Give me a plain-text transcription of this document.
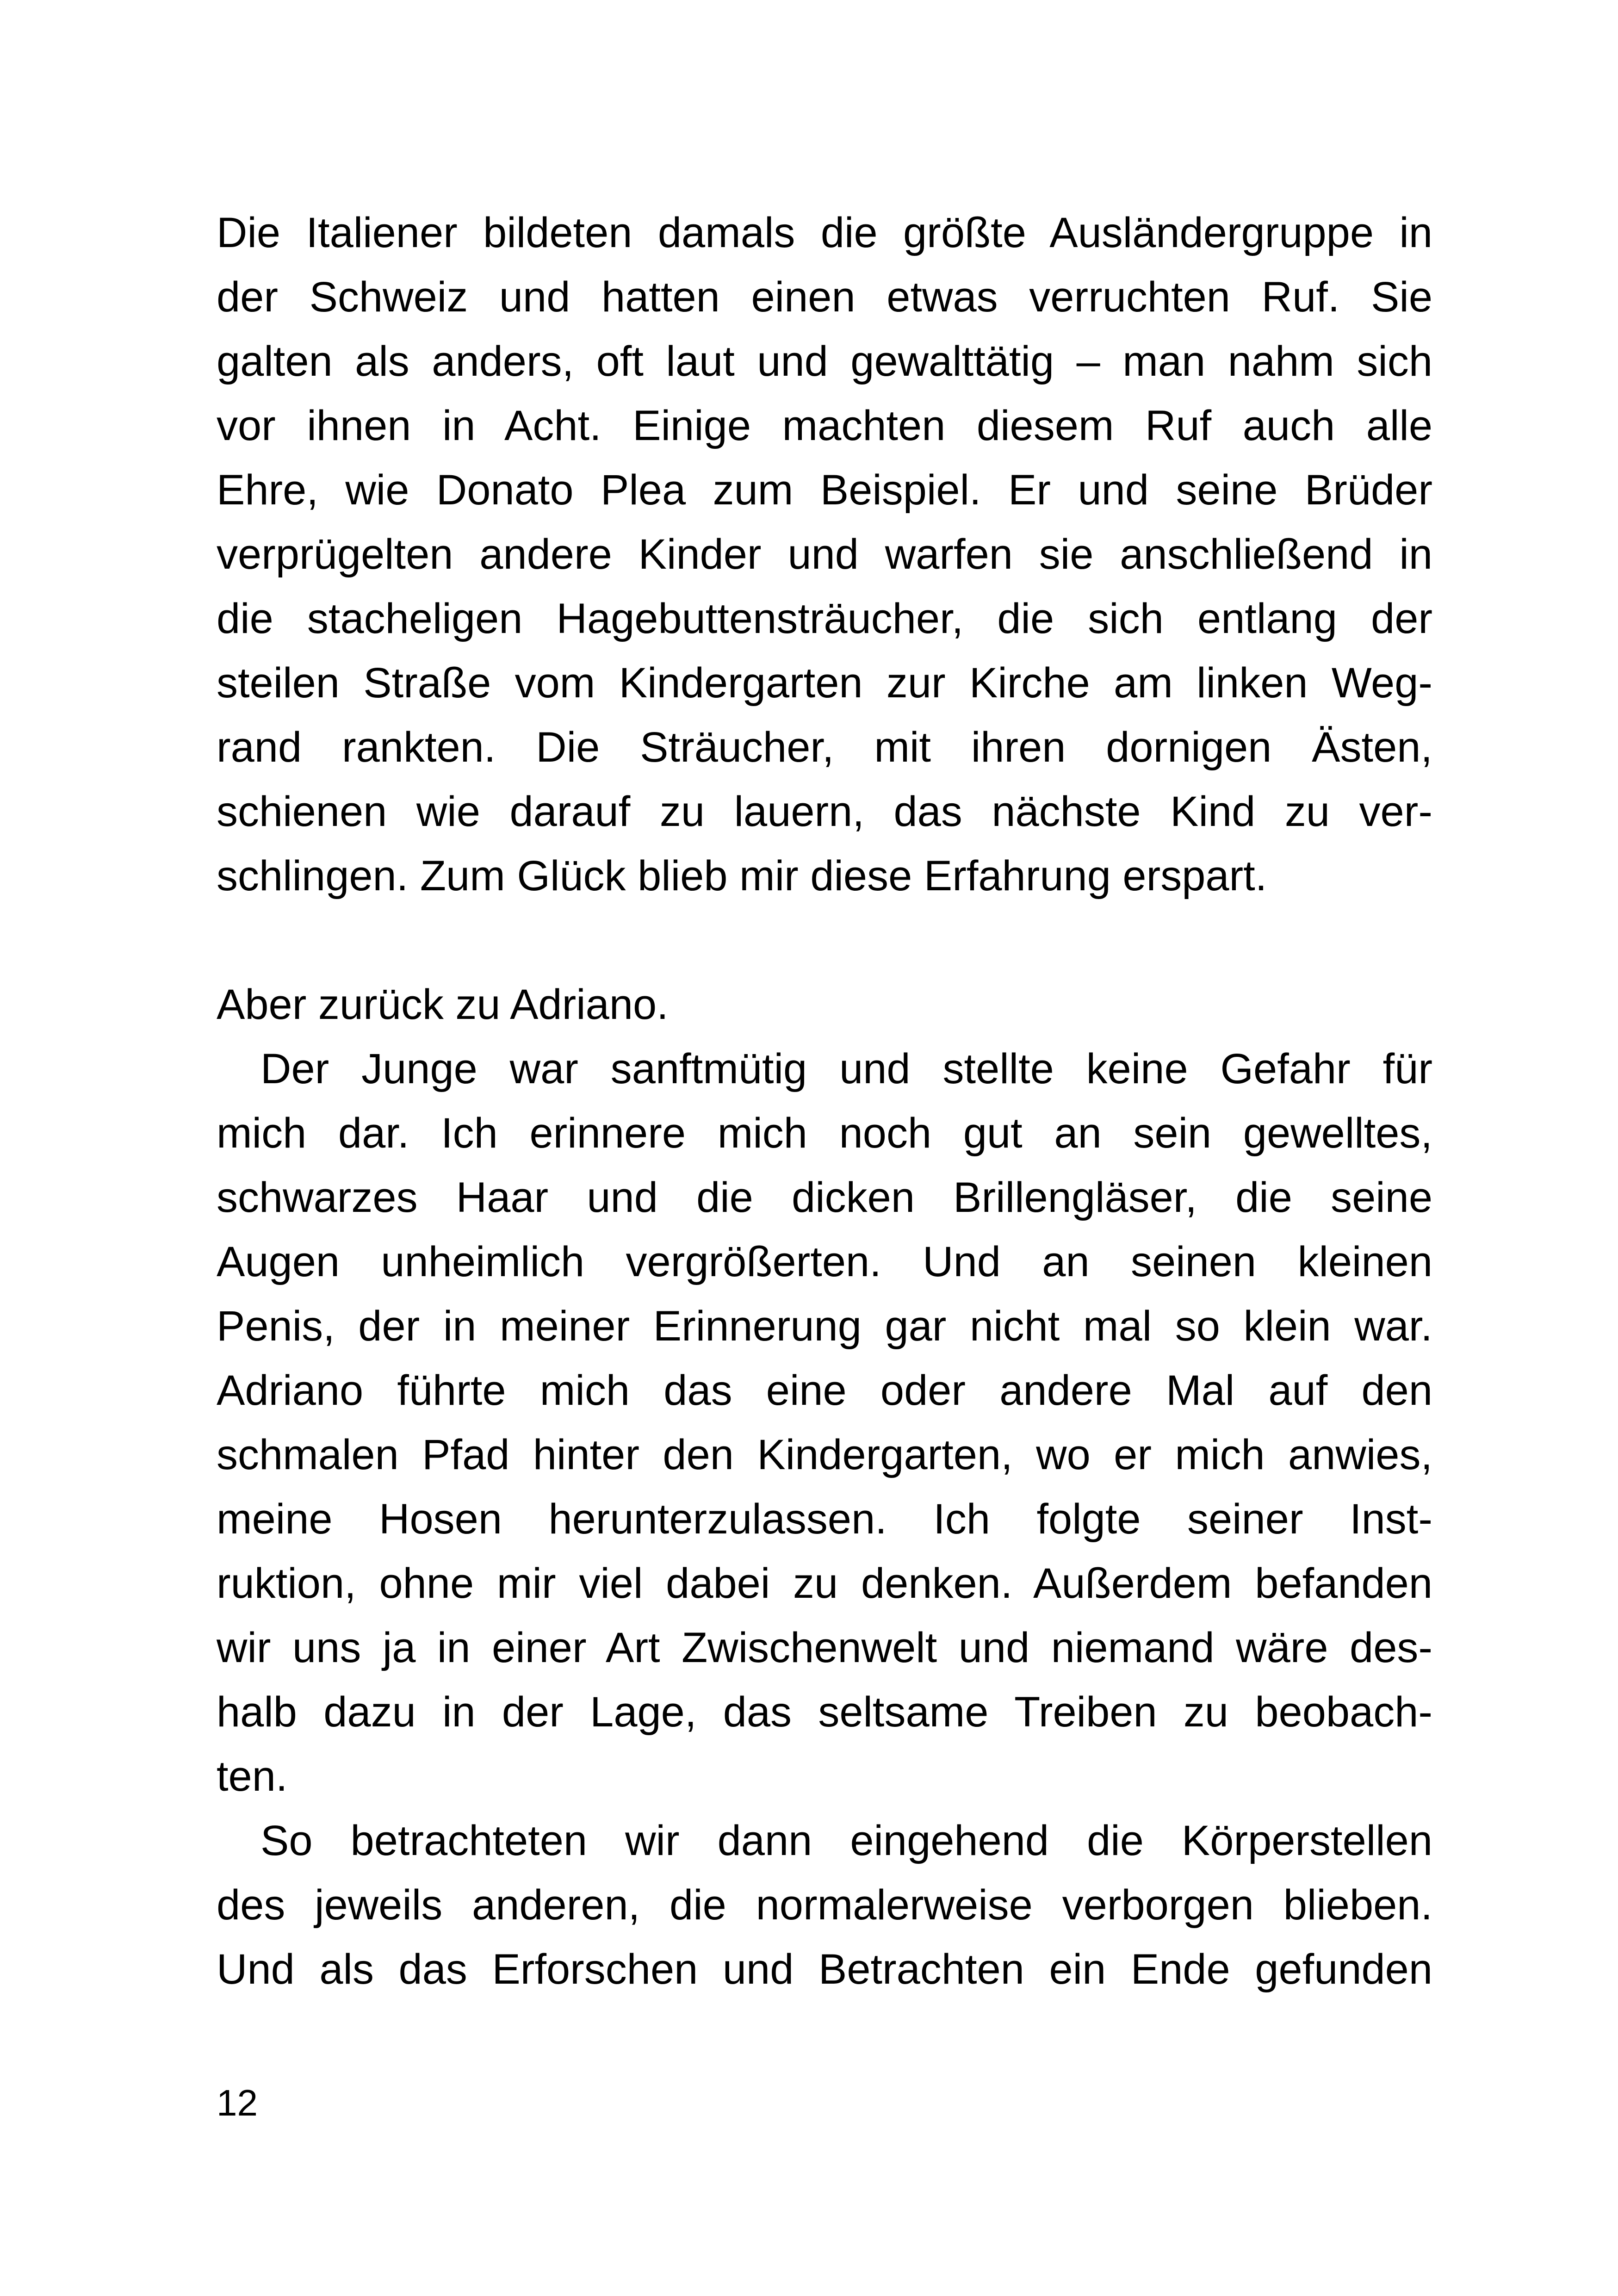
Die Italiener bildeten damals die größte Ausländergruppe in
der Schweiz und hatten einen etwas verruchten Ruf. Sie
galten als anders, oft laut und gewalttätig – man nahm sich
vor ihnen in Acht. Einige machten diesem Ruf auch alle
Ehre, wie Donato Plea zum Beispiel. Er und seine Brüder
verprügelten andere Kinder und warfen sie anschließend in
die stacheligen Hagebuttensträucher, die sich entlang der
steilen Straße vom Kindergarten zur Kirche am linken Weg-
rand rankten. Die Sträucher, mit ihren dornigen Ästen,
schienen wie darauf zu lauern, das nächste Kind zu ver-
schlingen. Zum Glück blieb mir diese Erfahrung erspart.
Aber zurück zu Adriano.
Der Junge war sanftmütig und stellte keine Gefahr für
mich dar. Ich erinnere mich noch gut an sein gewelltes,
schwarzes Haar und die dicken Brillengläser, die seine
Augen unheimlich vergrößerten. Und an seinen kleinen
Penis, der in meiner Erinnerung gar nicht mal so klein war.
Adriano führte mich das eine oder andere Mal auf den
schmalen Pfad hinter den Kindergarten, wo er mich anwies,
meine Hosen herunterzulassen. Ich folgte seiner Inst-
ruktion, ohne mir viel dabei zu denken. Außerdem befanden
wir uns ja in einer Art Zwischenwelt und niemand wäre des-
halb dazu in der Lage, das seltsame Treiben zu beobach-
ten.
So betrachteten wir dann eingehend die Körperstellen
des jeweils anderen, die normalerweise verborgen blieben.
Und als das Erforschen und Betrachten ein Ende gefunden
12
